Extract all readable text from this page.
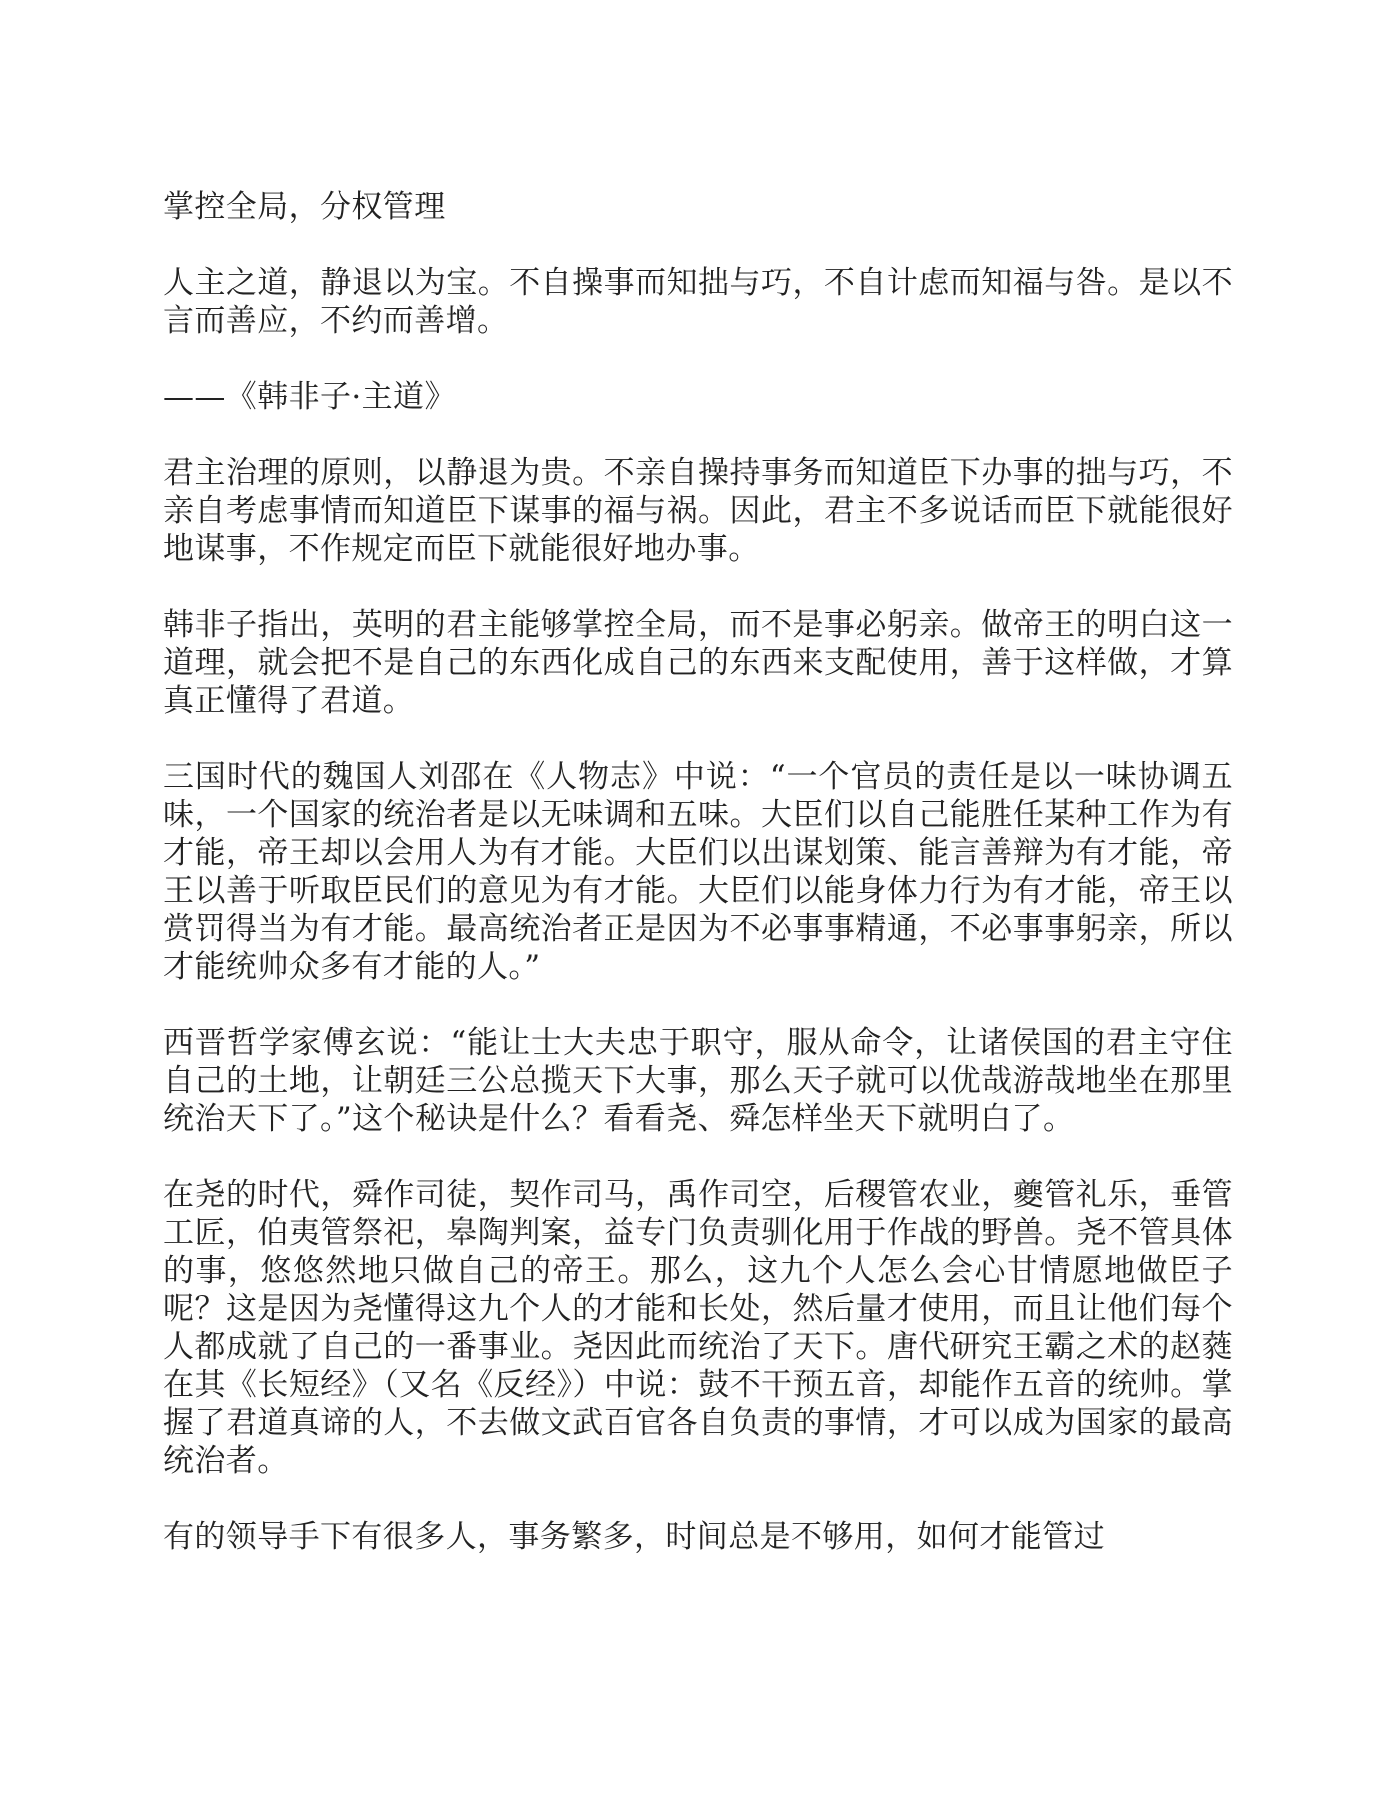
掌控全局，分权管理

人主之道，静退以为宝。不自操事而知拙与巧，不自计虑而知福与咎。是以不言而善应，不约而善增。

——《韩非子·主道》

君主治理的原则，以静退为贵。不亲自操持事务而知道臣下办事的拙与巧，不亲自考虑事情而知道臣下谋事的福与祸。因此，君主不多说话而臣下就能很好地谋事，不作规定而臣下就能很好地办事。

韩非子指出，英明的君主能够掌控全局，而不是事必躬亲。做帝王的明白这一道理，就会把不是自己的东西化成自己的东西来支配使用，善于这样做，才算真正懂得了君道。

三国时代的魏国人刘邵在《人物志》中说：“一个官员的责任是以一味协调五味，一个国家的统治者是以无味调和五味。大臣们以自己能胜任某种工作为有才能，帝王却以会用人为有才能。大臣们以出谋划策、能言善辩为有才能，帝王以善于听取臣民们的意见为有才能。大臣们以能身体力行为有才能，帝王以赏罚得当为有才能。最高统治者正是因为不必事事精通，不必事事躬亲，所以才能统帅众多有才能的人。”

西晋哲学家傅玄说：“能让士大夫忠于职守，服从命令，让诸侯国的君主守住自己的土地，让朝廷三公总揽天下大事，那么天子就可以优哉游哉地坐在那里统治天下了。”这个秘诀是什么？看看尧、舜怎样坐天下就明白了。

在尧的时代，舜作司徒，契作司马，禹作司空，后稷管农业，夔管礼乐，垂管工匠，伯夷管祭祀，皋陶判案，益专门负责驯化用于作战的野兽。尧不管具体的事，悠悠然地只做自己的帝王。那么，这九个人怎么会心甘情愿地做臣子呢？这是因为尧懂得这九个人的才能和长处，然后量才使用，而且让他们每个人都成就了自己的一番事业。尧因此而统治了天下。唐代研究王霸之术的赵蕤在其《长短经》（又名《反经》）中说：鼓不干预五音，却能作五音的统帅。掌握了君道真谛的人，不去做文武百官各自负责的事情，才可以成为国家的最高统治者。

有的领导手下有很多人，事务繁多，时间总是不够用，如何才能管过
